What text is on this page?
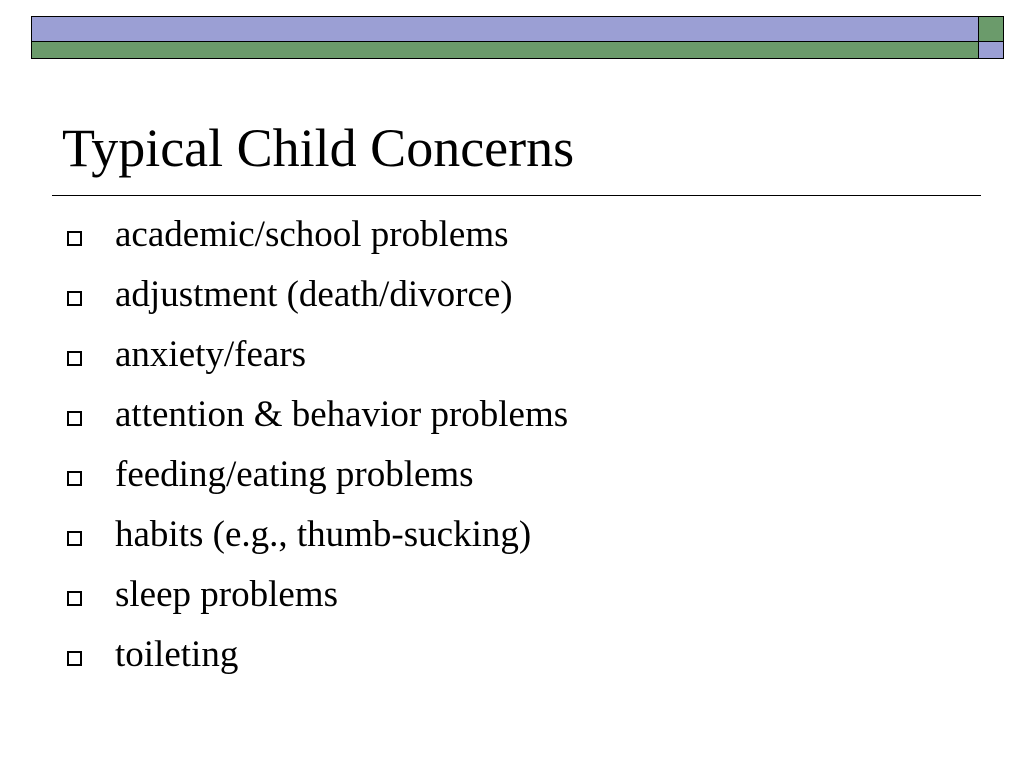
Typical Child Concerns
academic/school problems
adjustment (death/divorce)
anxiety/fears
attention & behavior problems
feeding/eating problems
habits (e.g., thumb-sucking)
sleep problems
toileting
